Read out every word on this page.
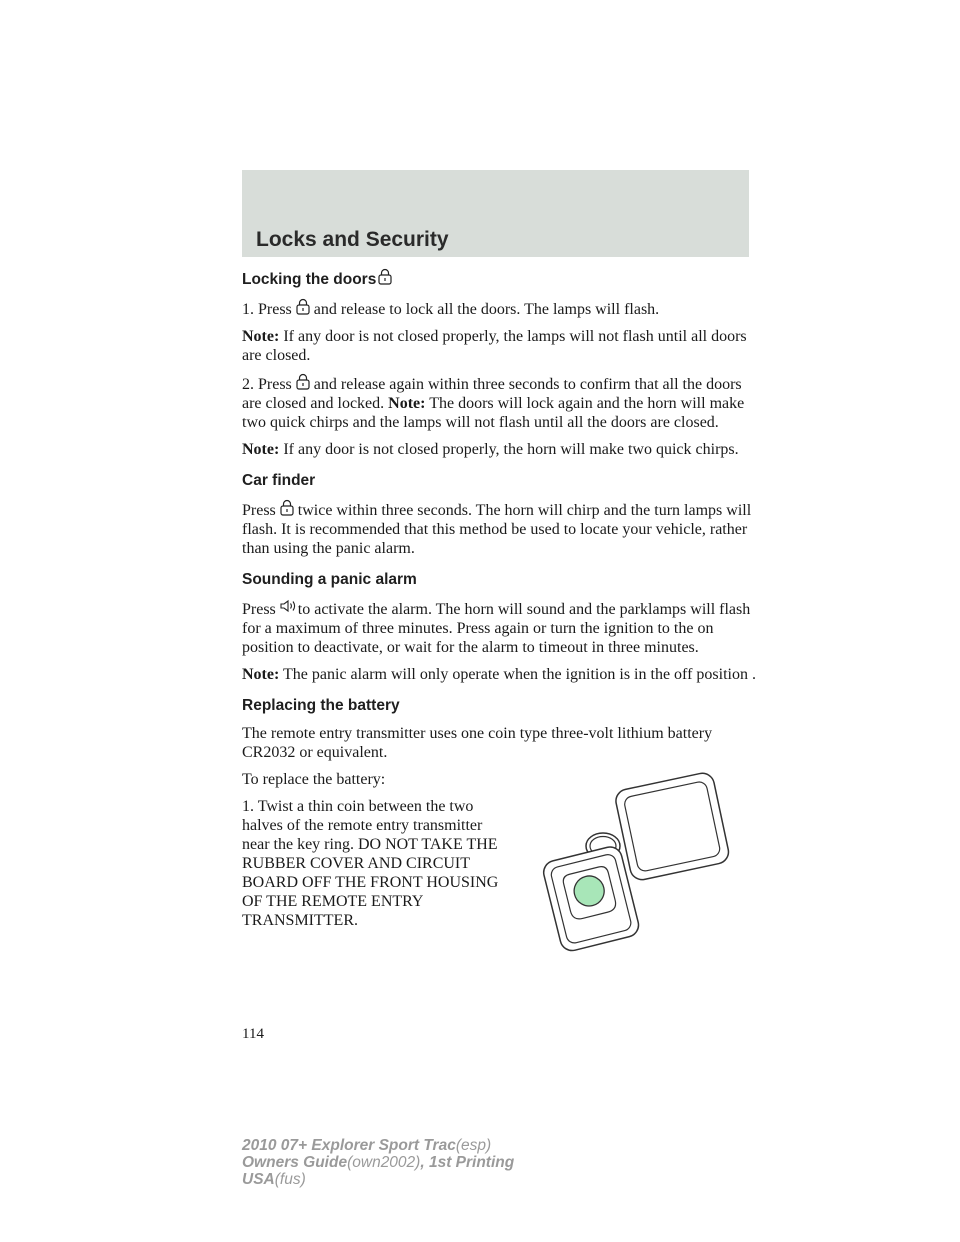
Locks and Security
Locking the doors

1. Press and release to lock all the doors. The lamps will flash.

Note: If any door is not closed properly, the lamps will not flash until all doors are closed.

2. Press and release again within three seconds to confirm that all the doors are closed and locked. Note: The doors will lock again and the horn will make two quick chirps and the lamps will not flash until all the doors are closed.

Note: If any door is not closed properly, the horn will make two quick chirps.

Car finder

Press twice within three seconds. The horn will chirp and the turn lamps will flash. It is recommended that this method be used to locate your vehicle, rather than using the panic alarm.

Sounding a panic alarm

Press to activate the alarm. The horn will sound and the parklamps will flash for a maximum of three minutes. Press again or turn the ignition to the on position to deactivate, or wait for the alarm to timeout in three minutes.

Note: The panic alarm will only operate when the ignition is in the off position .

Replacing the battery

The remote entry transmitter uses one coin type three-volt lithium battery CR2032 or equivalent.

To replace the battery:

1. Twist a thin coin between the two halves of the remote entry transmitter near the key ring. DO NOT TAKE THE RUBBER COVER AND CIRCUIT BOARD OFF THE FRONT HOUSING OF THE REMOTE ENTRY TRANSMITTER.

114
2010 07+ Explorer Sport Trac(esp)
Owners Guide(own2002), 1st Printing
USA(fus)
